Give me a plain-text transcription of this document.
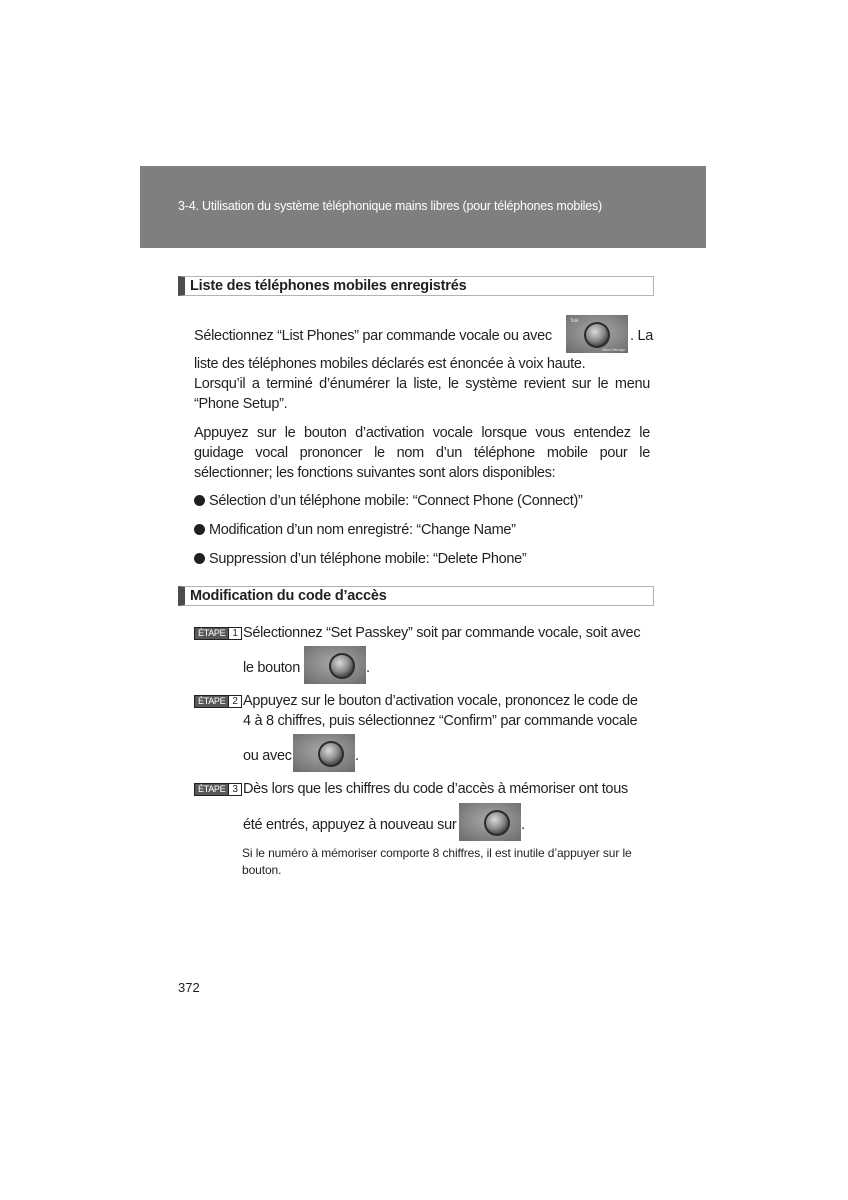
3-4. Utilisation du système téléphonique mains libres (pour téléphones mobiles)
Liste des téléphones mobiles enregistrés
Sélectionnez “List Phones” par commande vocale ou avec
Talk
Voice Recogn
. La
liste des téléphones mobiles déclarés est énoncée à voix haute.
Lorsqu’il a terminé d’énumérer la liste, le système revient sur le menu “Phone Setup”.
Appuyez sur le bouton d’activation vocale lorsque vous entendez le guidage vocal prononcer le nom d’un téléphone mobile pour le sélectionner; les fonctions suivantes sont alors disponibles:
Sélection d’un téléphone mobile: “Connect Phone (Connect)”
Modification d’un nom enregistré: “Change Name”
Suppression d’un téléphone mobile: “Delete Phone”
Modification du code d’accès
ÉTAPE 1 Sélectionnez “Set Passkey” soit par commande vocale, soit avec
le bouton	.
ÉTAPE 2 Appuyez sur le bouton d’activation vocale, prononcez le code de
4 à 8 chiffres, puis sélectionnez “Confirm” par commande vocale
ou avec	.
ÉTAPE 3 Dès lors que les chiffres du code d’accès à mémoriser ont tous
été entrés, appuyez à nouveau sur	.
Si le numéro à mémoriser comporte 8 chiffres, il est inutile d’appuyer sur le bouton.
372
